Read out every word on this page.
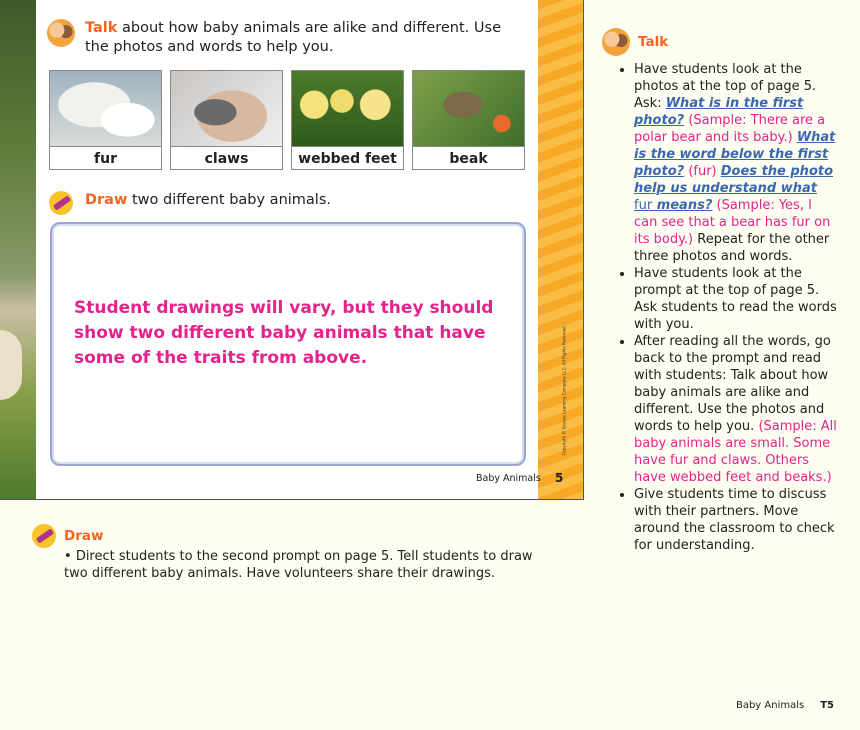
Talk about how baby animals are alike and different. Use the photos and words to help you.
fur	claws	webbed feet	beak
Draw two different baby animals.
Student drawings will vary, but they should show two different baby animals that have some of the traits from above.	Copyright © Savvas Learning Company LLC. All Rights Reserved.
Baby Animals 5
Draw
• Direct students to the second prompt on page 5. Tell students to draw two different baby animals. Have volunteers share their drawings.
Talk
• Have students look at the photos at the top of page 5. Ask: What is in the first photo? (Sample: There are a polar bear and its baby.) What is the word below the first photo? (fur) Does the photo help us understand what fur means? (Sample: Yes, I can see that a bear has fur on its body.) Repeat for the other three photos and words.
• Have students look at the prompt at the top of page 5. Ask students to read the words with you.
• After reading all the words, go back to the prompt and read with students: Talk about how baby animals are alike and different. Use the photos and words to help you. (Sample: All baby animals are small. Some have fur and claws. Others have webbed feet and beaks.)
• Give students time to discuss with their partners. Move around the classroom to check for understanding.
Baby Animals T5
